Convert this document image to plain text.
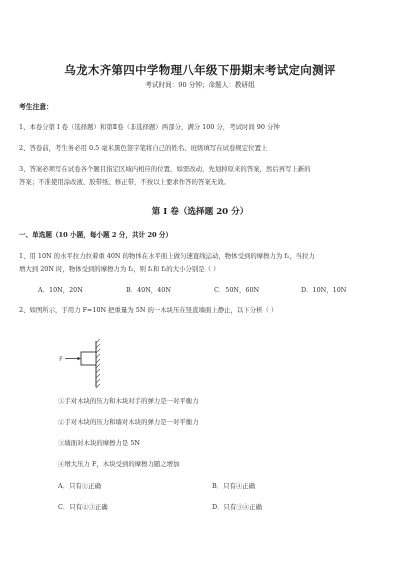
乌龙木齐第四中学物理八年级下册期末考试定向测评
考试时间：90 分钟；命题人：教研组
考生注意：
1、本卷分第 I 卷（选择题）和第Ⅱ卷（非选择题）两部分，满分 100 分，考试时间 90 分钟
2、答卷前，考生务必用 0.5 毫米黑色签字笔将自己的姓名、班级填写在试卷规定位置上
3、答案必须写在试卷各个题目指定区域内相应的位置，如需改动，先划掉原来的答案，然后再写上新的
答案；不准使用涂改液、胶带纸、修正带，不按以上要求作答的答案无效。
第 I 卷（选择题 20 分）
一、单选题（10 小题，每小题 2 分，共计 20 分）
1、用 10N 的水平拉力拉着重 40N 的物体在水平面上做匀速直线运动，物体受到的摩擦力为 f₁，当拉力
增大到 20N 时，物体受到的摩擦力为 f₂，则 f₁和 f₂的大小分别是（ ）
A．10N，20N	B．40N，40N	C．50N，60N	D．10N，10N
2、如图所示，手用力 F=10N 把重量为 5N 的一木块压在竖直墙面上静止，以下分析（ ）
F
①手对木块的压力和木块对手的弹力是一对平衡力
②手对木块的压力和墙对木块的弹力是一对平衡力
③墙面对木块的摩擦力是 5N
④增大压力 F，木块受到的摩擦力随之增加
A．只有①正确	B．只有④正确
C．只有②③正确	D．只有③④正确
